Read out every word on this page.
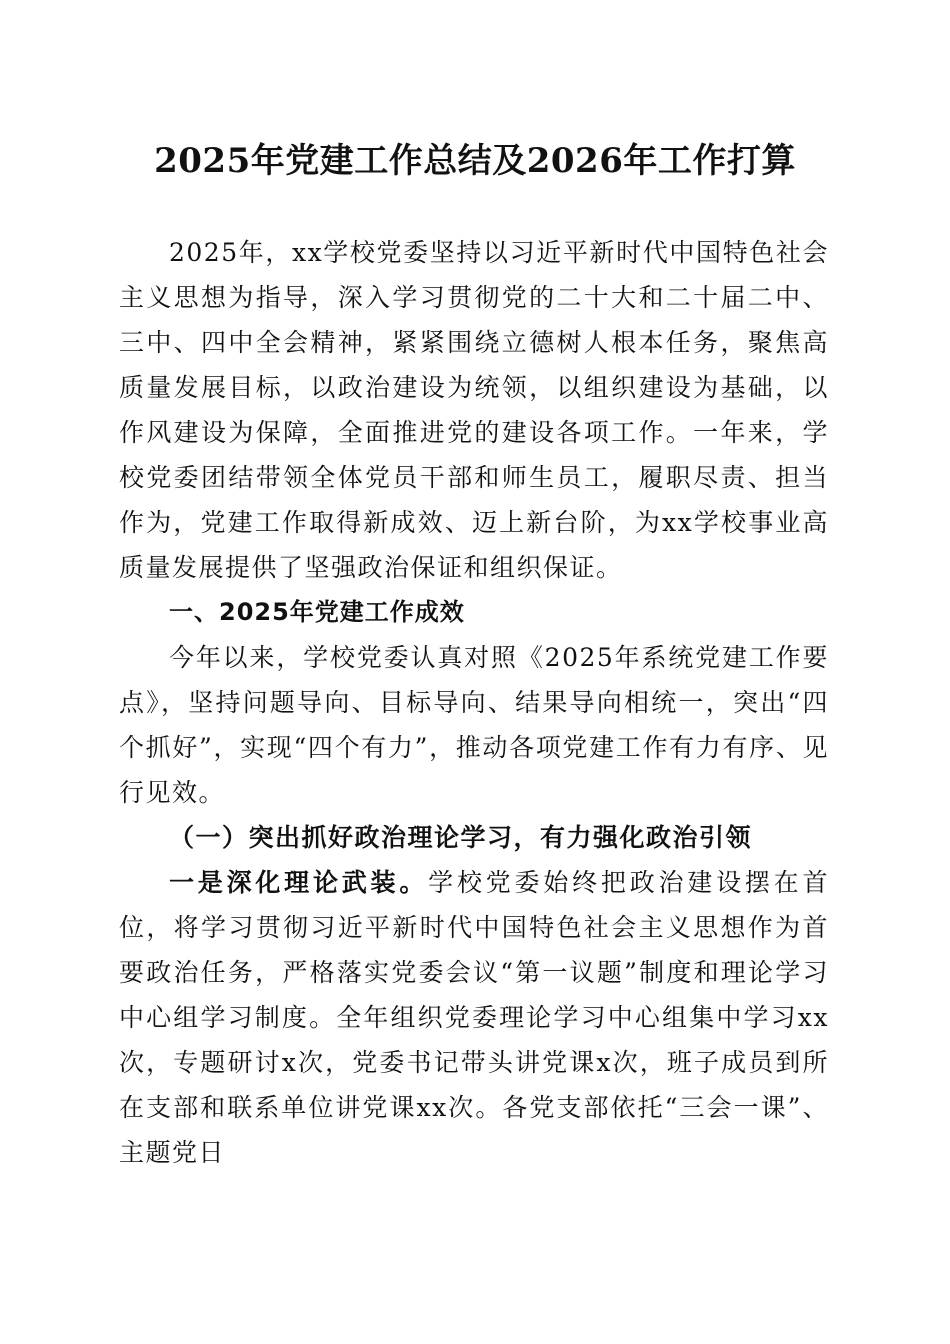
2025年党建工作总结及2026年工作打算

2025年，xx学校党委坚持以习近平新时代中国特色社会主义思想为指导，深入学习贯彻党的二十大和二十届二中、三中、四中全会精神，紧紧围绕立德树人根本任务，聚焦高质量发展目标，以政治建设为统领，以组织建设为基础，以作风建设为保障，全面推进党的建设各项工作。一年来，学校党委团结带领全体党员干部和师生员工，履职尽责、担当作为，党建工作取得新成效、迈上新台阶，为xx学校事业高质量发展提供了坚强政治保证和组织保证。

一、2025年党建工作成效

今年以来，学校党委认真对照《2025年系统党建工作要点》，坚持问题导向、目标导向、结果导向相统一，突出“四个抓好”，实现“四个有力”，推动各项党建工作有力有序、见行见效。

（一）突出抓好政治理论学习，有力强化政治引领

一是深化理论武装。学校党委始终把政治建设摆在首位，将学习贯彻习近平新时代中国特色社会主义思想作为首要政治任务，严格落实党委会议“第一议题”制度和理论学习中心组学习制度。全年组织党委理论学习中心组集中学习xx次，专题研讨x次，党委书记带头讲党课x次，班子成员到所在支部和联系单位讲党课xx次。各党支部依托“三会一课”、主题党日
